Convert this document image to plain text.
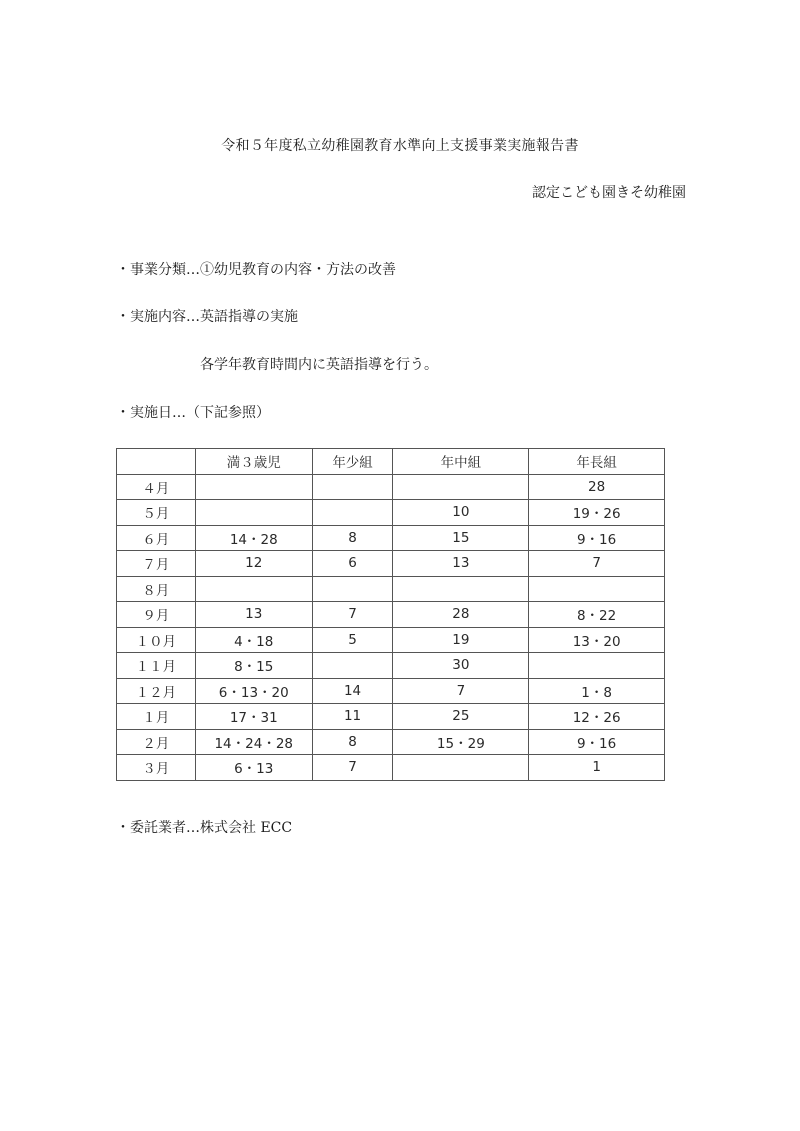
令和５年度私立幼稚園教育水準向上支援事業実施報告書
認定こども園きそ幼稚園
・事業分類…①幼児教育の内容・方法の改善
・実施内容…英語指導の実施
各学年教育時間内に英語指導を行う。
・実施日…（下記参照）
	満３歳児	年少組	年中組	年長組
４月				28
５月			10	19・26
６月	14・28	8	15	9・16
７月	12	6	13	7
８月				
９月	13	7	28	8・22
１０月	4・18	5	19	13・20
１１月	8・15		30	
１２月	6・13・20	14	7	1・8
１月	17・31	11	25	12・26
２月	14・24・28	8	15・29	9・16
３月	6・13	7		1
・委託業者…株式会社 ECC
